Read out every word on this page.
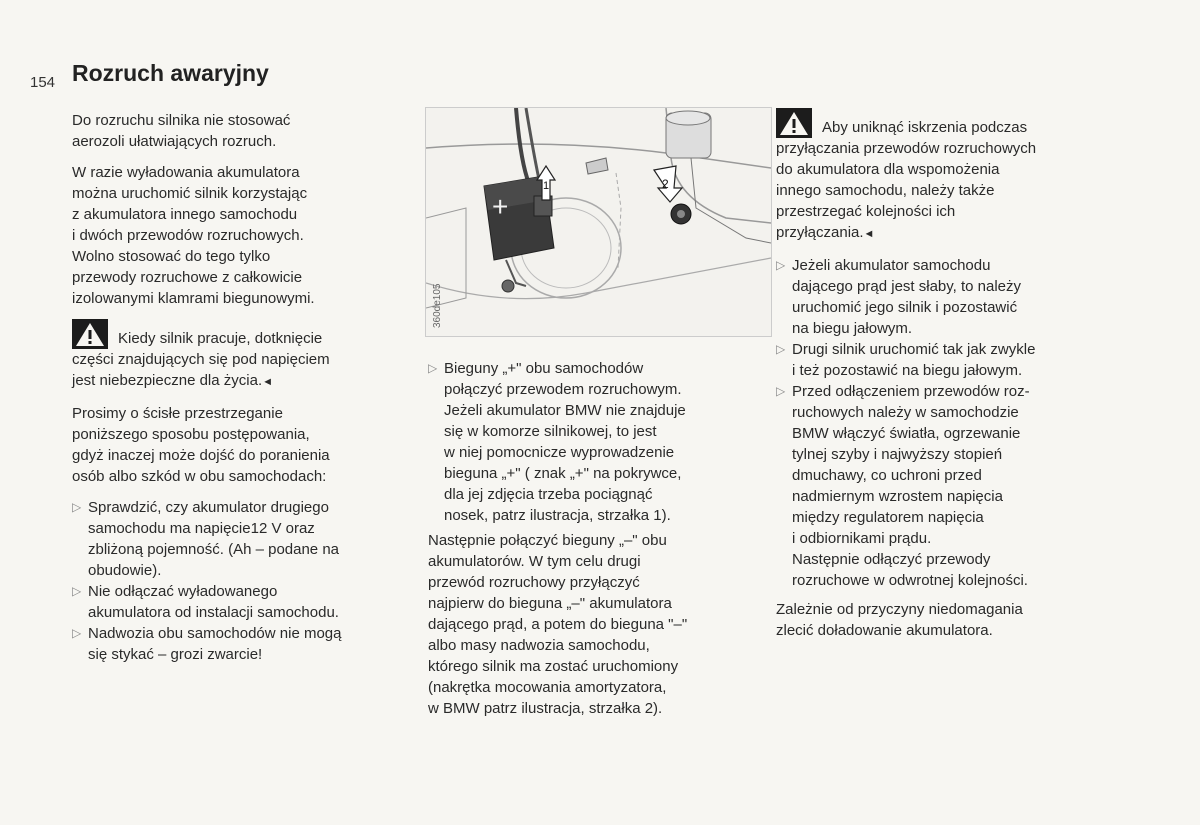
154 Rozruch awaryjny

Do rozruchu silnika nie stosować
aerozoli ułatwiających rozruch.

W razie wyładowania akumulatora
można uruchomić silnik korzystając
z akumulatora innego samochodu
i dwóch przewodów rozruchowych.
Wolno stosować do tego tylko
przewody rozruchowe z całkowicie
izolowanymi klamrami biegunowymi.

Kiedy silnik pracuje, dotknięcie
części znajdujących się pod napięciem
jest niebezpieczne dla życia.◄

Prosimy o ścisłe przestrzeganie
poniższego sposobu postępowania,
gdyż inaczej może dojść do poranienia
osób albo szkód w obu samochodach:

▷ Sprawdzić, czy akumulator drugiego
samochodu ma napięcie12 V oraz
zbliżoną pojemność. (Ah – podane na
obudowie).
▷ Nie odłączać wyładowanego
akumulatora od instalacji samochodu.
▷ Nadwozia obu samochodów nie mogą
się stykać – grozi zwarcie!
+
1	2
360de105
▷ Bieguny „+" obu samochodów
połączyć przewodem rozruchowym.
Jeżeli akumulator BMW nie znajduje
się w komorze silnikowej, to jest
w niej pomocnicze wyprowadzenie
bieguna „+" ( znak „+" na pokrywce,
dla jej zdjęcia trzeba pociągnąć
nosek, patrz ilustracja, strzałka 1).

Następnie połączyć bieguny „–" obu
akumulatorów. W tym celu drugi
przewód rozruchowy przyłączyć
najpierw do bieguna „–" akumulatora
dającego prąd, a potem do bieguna "–"
albo masy nadwozia samochodu,
którego silnik ma zostać uruchomiony
(nakrętka mocowania amortyzatora,
w BMW patrz ilustracja, strzałka 2).

Aby uniknąć iskrzenia podczas
przyłączania przewodów rozruchowych
do akumulatora dla wspomożenia
innego samochodu, należy także
przestrzegać kolejności ich
przyłączania.◄
▷ Jeżeli akumulator samochodu
dającego prąd jest słaby, to należy
uruchomić jego silnik i pozostawić
na biegu jałowym.
▷ Drugi silnik uruchomić tak jak zwykle
i też pozostawić na biegu jałowym.
▷ Przed odłączeniem przewodów roz-
ruchowych należy w samochodzie
BMW włączyć światła, ogrzewanie
tylnej szyby i najwyższy stopień
dmuchawy, co uchroni przed
nadmiernym wzrostem napięcia
między regulatorem napięcia
i odbiornikami prądu.
Następnie odłączyć przewody
rozruchowe w odwrotnej kolejności.

Zależnie od przyczyny niedomagania
zlecić doładowanie akumulatora.
